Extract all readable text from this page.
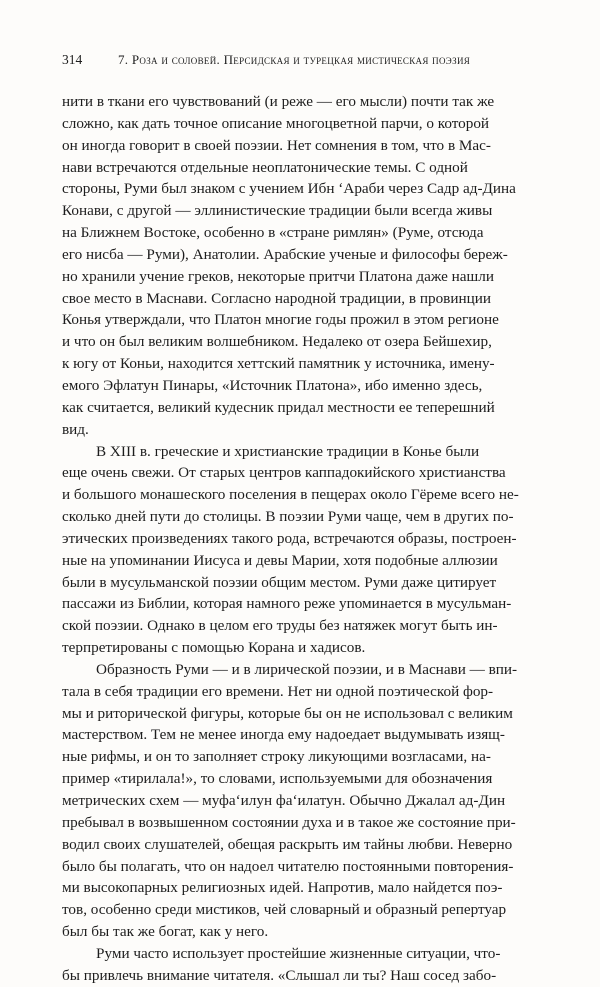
314	7. Роза и соловей. Персидская и турецкая мистическая поэзия
нити в ткани его чувствований (и реже — его мысли) почти так же
сложно, как дать точное описание многоцветной парчи, о которой
он иногда говорит в своей поэзии. Нет сомнения в том, что в Мас-
нави встречаются отдельные неоплатонические темы. С одной
стороны, Руми был знаком с учением Ибн ʻАраби через Садр ад-Дина
Конави, с другой — эллинистические традиции были всегда живы
на Ближнем Востоке, особенно в «стране римлян» (Руме, отсюда
его нисба — Руми), Анатолии. Арабские ученые и философы береж-
но хранили учение греков, некоторые притчи Платона даже нашли
свое место в Маснави. Согласно народной традиции, в провинции
Конья утверждали, что Платон многие годы прожил в этом регионе
и что он был великим волшебником. Недалеко от озера Бейшехир,
к югу от Коньи, находится хеттский памятник у источника, имену-
емого Эфлатун Пинары, «Источник Платона», ибо именно здесь,
как считается, великий кудесник придал местности ее теперешний
вид.
В XIII в. греческие и христианские традиции в Конье были
еще очень свежи. От старых центров каппадокийского христианства
и большого монашеского поселения в пещерах около Гёреме всего не-
сколько дней пути до столицы. В поэзии Руми чаще, чем в других по-
этических произведениях такого рода, встречаются образы, построен-
ные на упоминании Иисуса и девы Марии, хотя подобные аллюзии
были в мусульманской поэзии общим местом. Руми даже цитирует
пассажи из Библии, которая намного реже упоминается в мусульман-
ской поэзии. Однако в целом его труды без натяжек могут быть ин-
терпретированы с помощью Корана и хадисов.
Образность Руми — и в лирической поэзии, и в Маснави — впи-
тала в себя традиции его времени. Нет ни одной поэтической фор-
мы и риторической фигуры, которые бы он не использовал с великим
мастерством. Тем не менее иногда ему надоедает выдумывать изящ-
ные рифмы, и он то заполняет строку ликующими возгласами, на-
пример «тирилала!», то словами, используемыми для обозначения
метрических схем — муфаʻилун фаʻилатун. Обычно Джалал ад-Дин
пребывал в возвышенном состоянии духа и в такое же состояние при-
водил своих слушателей, обещая раскрыть им тайны любви. Неверно
было бы полагать, что он надоел читателю постоянными повторения-
ми высокопарных религиозных идей. Напротив, мало найдется поэ-
тов, особенно среди мистиков, чей словарный и образный репертуар
был бы так же богат, как у него.
Руми часто использует простейшие жизненные ситуации, что-
бы привлечь внимание читателя. «Слышал ли ты? Наш сосед забо-
